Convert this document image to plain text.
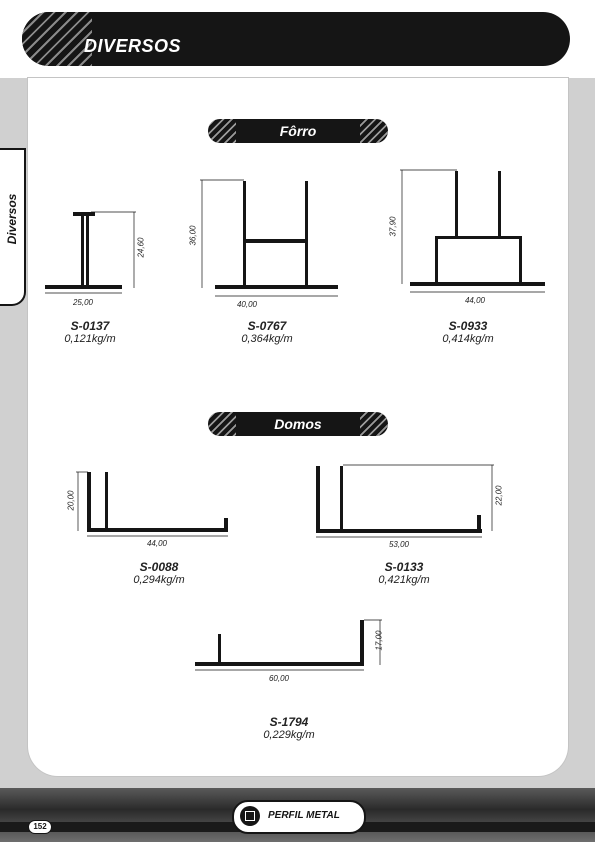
DIVERSOS
Diversos
Fôrro
Domos
25,00
24,60
S-0137
0,121kg/m
40,00
36,00
S-0767
0,364kg/m
44,00
37,90
S-0933
0,414kg/m
44,00
20,00
S-0088
0,294kg/m
53,00
22,00
S-0133
0,421kg/m
60,00
17,00
S-1794
0,229kg/m
PERFIL METAL
152
